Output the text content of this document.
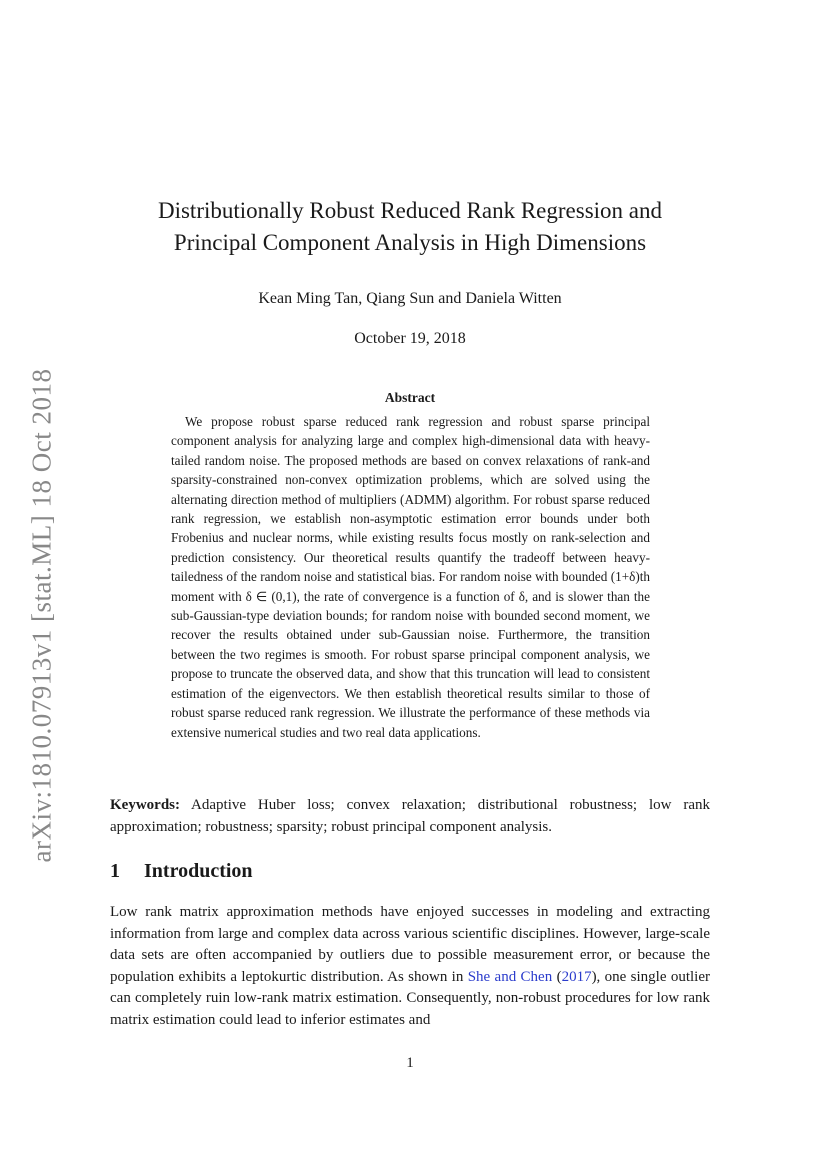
arXiv:1810.07913v1 [stat.ML] 18 Oct 2018
Distributionally Robust Reduced Rank Regression and
Principal Component Analysis in High Dimensions

Kean Ming Tan, Qiang Sun and Daniela Witten

October 19, 2018

Abstract

We propose robust sparse reduced rank regression and robust sparse principal component analysis for analyzing large and complex high-dimensional data with heavy-tailed random noise. The proposed methods are based on convex relaxations of rank-and sparsity-constrained non-convex optimization problems, which are solved using the alternating direction method of multipliers (ADMM) algorithm. For robust sparse reduced rank regression, we establish non-asymptotic estimation error bounds under both Frobenius and nuclear norms, while existing results focus mostly on rank-selection and prediction consistency. Our theoretical results quantify the tradeoff between heavy-tailedness of the random noise and statistical bias. For random noise with bounded (1+δ)th moment with δ ∈ (0,1), the rate of convergence is a function of δ, and is slower than the sub-Gaussian-type deviation bounds; for random noise with bounded second moment, we recover the results obtained under sub-Gaussian noise. Furthermore, the transition between the two regimes is smooth. For robust sparse principal component analysis, we propose to truncate the observed data, and show that this truncation will lead to consistent estimation of the eigenvectors. We then establish theoretical results similar to those of robust sparse reduced rank regression. We illustrate the performance of these methods via extensive numerical studies and two real data applications.

Keywords: Adaptive Huber loss; convex relaxation; distributional robustness; low rank approximation; robustness; sparsity; robust principal component analysis.

1 Introduction

Low rank matrix approximation methods have enjoyed successes in modeling and extracting information from large and complex data across various scientific disciplines. However, large-scale data sets are often accompanied by outliers due to possible measurement error, or because the population exhibits a leptokurtic distribution. As shown in She and Chen (2017), one single outlier can completely ruin low-rank matrix estimation. Consequently, non-robust procedures for low rank matrix estimation could lead to inferior estimates and

1
